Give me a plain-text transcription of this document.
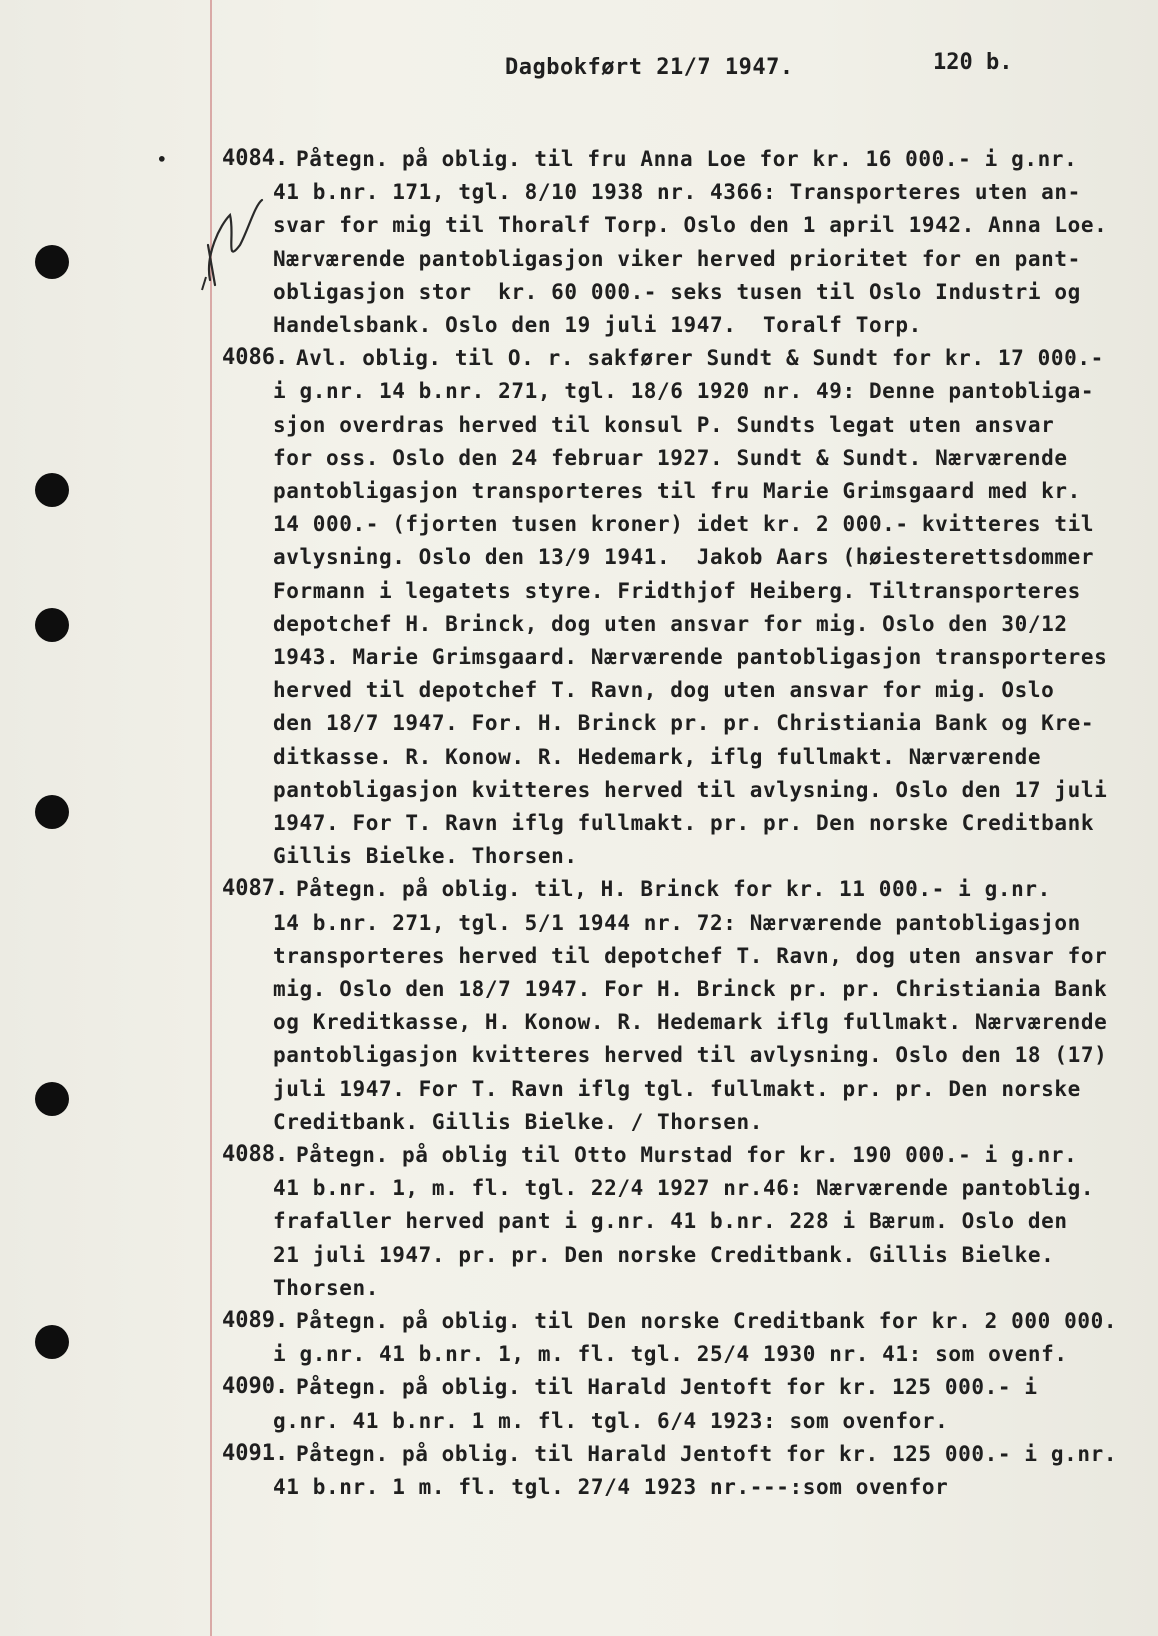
•
Dagbokført 21/7 1947.	120 b.
4084. Påtegn. på oblig. til fru Anna Loe for kr. 16 000.- i g.nr.
41 b.nr. 171, tgl. 8/10 1938 nr. 4366: Transporteres uten an-
svar for mig til Thoralf Torp. Oslo den 1 april 1942. Anna Loe.
Nærværende pantobligasjon viker herved prioritet for en pant-
obligasjon stor  kr. 60 000.- seks tusen til Oslo Industri og
Handelsbank. Oslo den 19 juli 1947.  Toralf Torp.
4086. Avl. oblig. til O. r. sakfører Sundt & Sundt for kr. 17 000.-
i g.nr. 14 b.nr. 271, tgl. 18/6 1920 nr. 49: Denne pantobliga-
sjon overdras herved til konsul P. Sundts legat uten ansvar
for oss. Oslo den 24 februar 1927. Sundt & Sundt. Nærværende
pantobligasjon transporteres til fru Marie Grimsgaard med kr.
14 000.- (fjorten tusen kroner) idet kr. 2 000.- kvitteres til
avlysning. Oslo den 13/9 1941.  Jakob Aars (høiesterettsdommer
Formann i legatets styre. Fridthjof Heiberg. Tiltransporteres
depotchef H. Brinck, dog uten ansvar for mig. Oslo den 30/12
1943. Marie Grimsgaard. Nærværende pantobligasjon transporteres
herved til depotchef T. Ravn, dog uten ansvar for mig. Oslo
den 18/7 1947. For. H. Brinck pr. pr. Christiania Bank og Kre-
ditkasse. R. Konow. R. Hedemark, iflg fullmakt. Nærværende
pantobligasjon kvitteres herved til avlysning. Oslo den 17 juli
1947. For T. Ravn iflg fullmakt. pr. pr. Den norske Creditbank
Gillis Bielke. Thorsen.
4087. Påtegn. på oblig. til, H. Brinck for kr. 11 000.- i g.nr.
14 b.nr. 271, tgl. 5/1 1944 nr. 72: Nærværende pantobligasjon
transporteres herved til depotchef T. Ravn, dog uten ansvar for
mig. Oslo den 18/7 1947. For H. Brinck pr. pr. Christiania Bank
og Kreditkasse, H. Konow. R. Hedemark iflg fullmakt. Nærværende
pantobligasjon kvitteres herved til avlysning. Oslo den 18 (17)
juli 1947. For T. Ravn iflg tgl. fullmakt. pr. pr. Den norske
Creditbank. Gillis Bielke. / Thorsen.
4088. Påtegn. på oblig til Otto Murstad for kr. 190 000.- i g.nr.
41 b.nr. 1, m. fl. tgl. 22/4 1927 nr.46: Nærværende pantoblig.
frafaller herved pant i g.nr. 41 b.nr. 228 i Bærum. Oslo den
21 juli 1947. pr. pr. Den norske Creditbank. Gillis Bielke.
Thorsen.
4089. Påtegn. på oblig. til Den norske Creditbank for kr. 2 000 000.
i g.nr. 41 b.nr. 1, m. fl. tgl. 25/4 1930 nr. 41: som ovenf.
4090. Påtegn. på oblig. til Harald Jentoft for kr. 125 000.- i
g.nr. 41 b.nr. 1 m. fl. tgl. 6/4 1923: som ovenfor.
4091. Påtegn. på oblig. til Harald Jentoft for kr. 125 000.- i g.nr.
41 b.nr. 1 m. fl. tgl. 27/4 1923 nr.---:som ovenfor
